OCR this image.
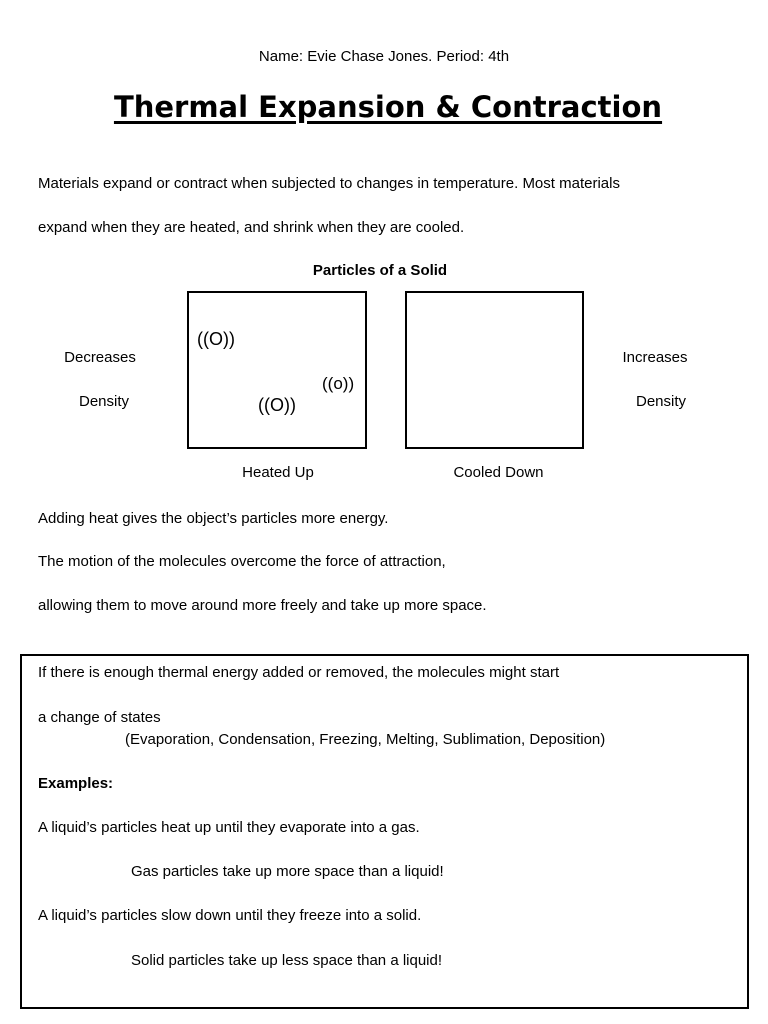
Name: Evie Chase Jones. Period: 4th
Thermal Expansion & Contraction
Materials expand or contract when subjected to changes in temperature. Most materials
expand when they are heated, and shrink when they are cooled.
Particles of a Solid
Decreases
Density
((O))
((o))
((O))
Increases
Density
Heated Up	Cooled Down
Adding heat gives the object’s particles more energy.
The motion of the molecules overcome the force of attraction,
allowing them to move around more freely and take up more space.
If there is enough thermal energy added or removed, the molecules might start
a change of states
(Evaporation, Condensation, Freezing, Melting, Sublimation, Deposition)
Examples:
A liquid’s particles heat up until they evaporate into a gas.
Gas particles take up more space than a liquid!
A liquid’s particles slow down until they freeze into a solid.
Solid particles take up less space than a liquid!
